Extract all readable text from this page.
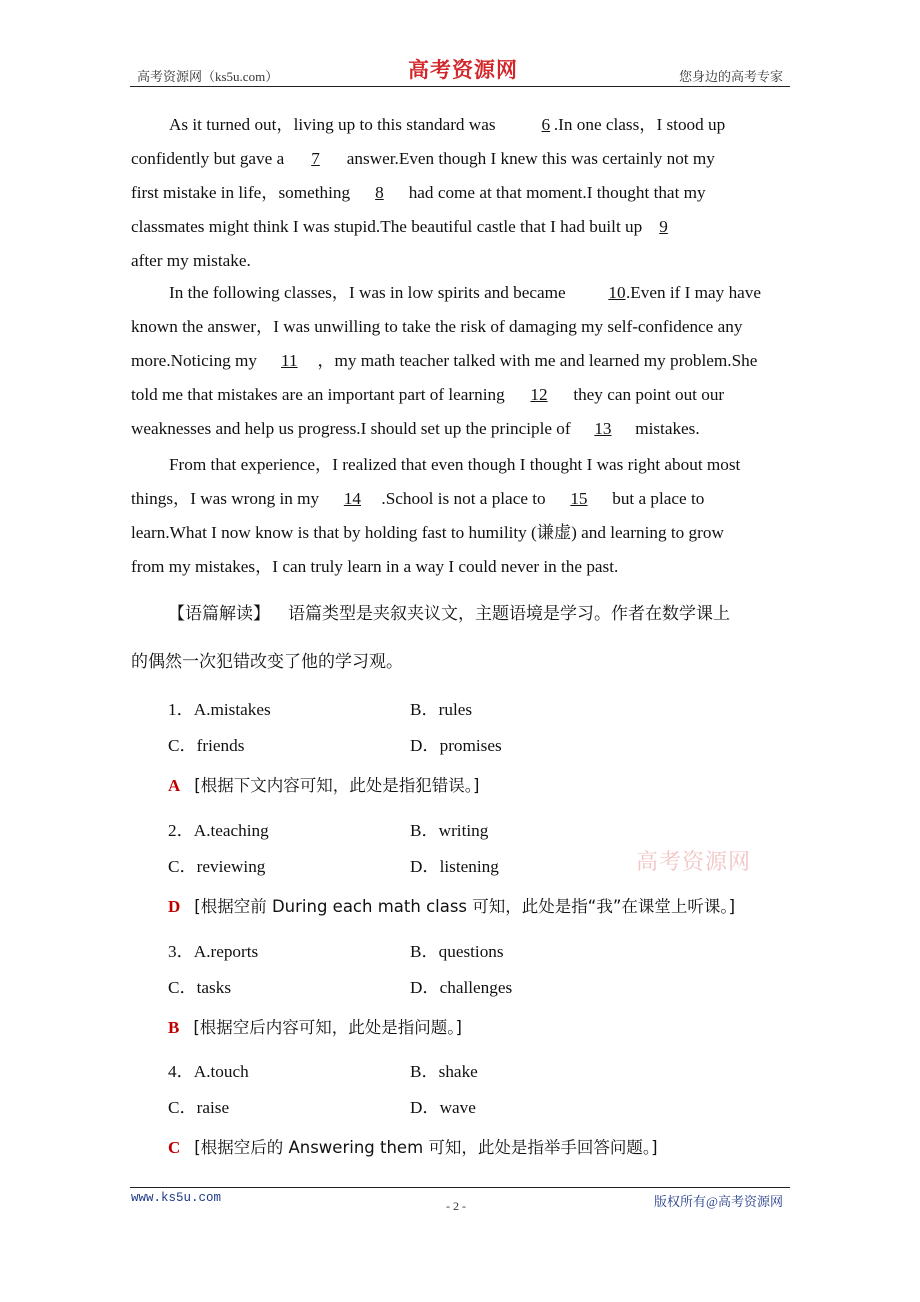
高考资源网（ks5u.com）	高考资源网	您身边的高考专家
As it turned out，living up to this standard was 6 .In one class，I stood up
confidently but gave a 7 answer.Even though I knew this was certainly not my
first mistake in life，something 8 had come at that moment.I thought that my
classmates might think I was stupid.The beautiful castle that I had built up 9
after my mistake.
In the following classes，I was in low spirits and became 10.Even if I may have
known the answer，I was unwilling to take the risk of damaging my self-confidence any
more.Noticing my 11 ，my math teacher talked with me and learned my problem.She
told me that mistakes are an important part of learning 12 they can point out our
weaknesses and help us progress.I should set up the principle of 13 mistakes.
From that experience，I realized that even though I thought I was right about most
things，I was wrong in my 14 .School is not a place to 15 but a place to
learn.What I now know is that by holding fast to humility (谦虚) and learning to grow
from my mistakes，I can truly learn in a way I could never in the past.
【语篇解读】 语篇类型是夹叙夹议文，主题语境是学习。作者在数学课上
的偶然一次犯错改变了他的学习观。
1．A.mistakes	B．rules
C．friends	D．promises
A [根据下文内容可知，此处是指犯错误。]
2．A.teaching	B．writing
C．reviewing	D．listening
D [根据空前 During each math class 可知，此处是指“我”在课堂上听课。]
高考资源网
3．A.reports	B．questions
C．tasks	D．challenges
B [根据空后内容可知，此处是指问题。]
4．A.touch	B．shake
C．raise	D．wave
C [根据空后的 Answering them 可知，此处是指举手回答问题。]
www.ks5u.com
- 2 -	版权所有@高考资源网
